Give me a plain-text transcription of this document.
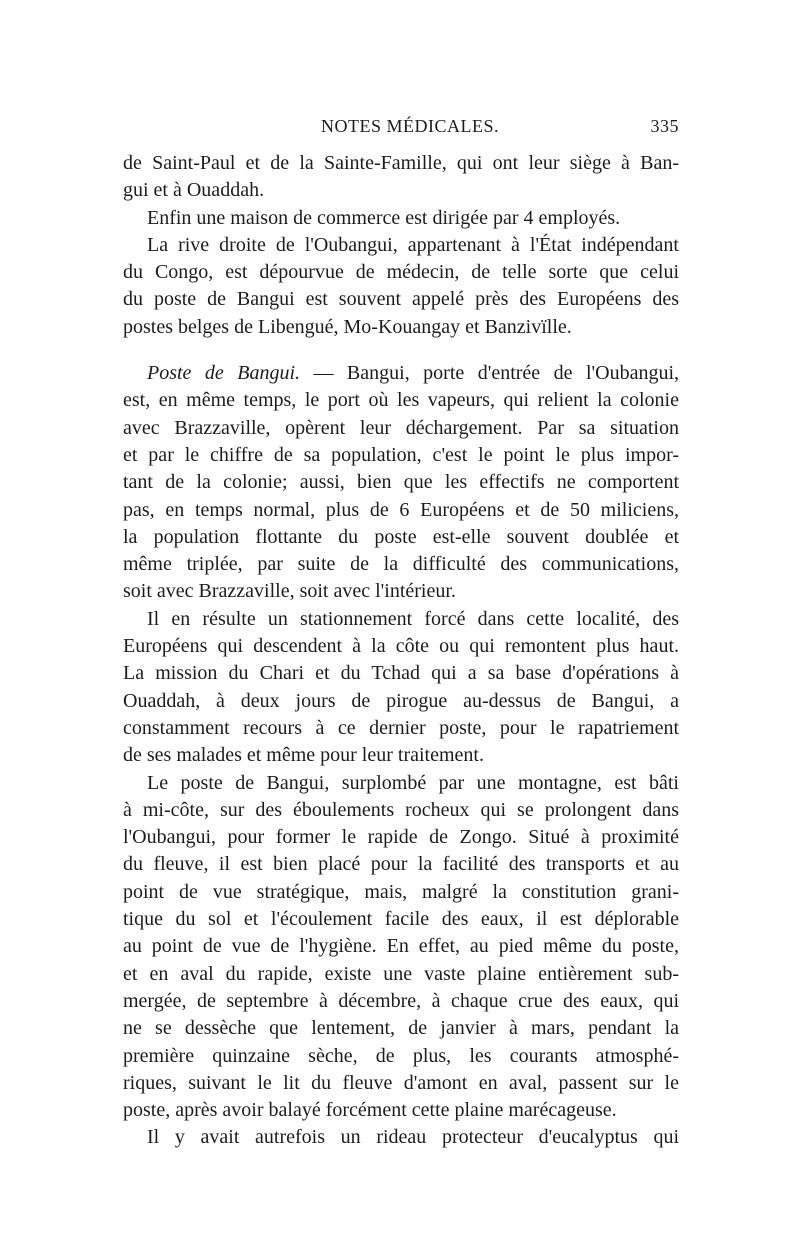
NOTES MÉDICALES.	335
de Saint-Paul et de la Sainte-Famille, qui ont leur siège à Ban-
gui et à Ouaddah.
Enfin une maison de commerce est dirigée par 4 employés.
La rive droite de l'Oubangui, appartenant à l'État indépendant
du Congo, est dépourvue de médecin, de telle sorte que celui
du poste de Bangui est souvent appelé près des Européens des
postes belges de Libengué, Mo-Kouangay et Banzivïlle.
Poste de Bangui. — Bangui, porte d'entrée de l'Oubangui,
est, en même temps, le port où les vapeurs, qui relient la colonie
avec Brazzaville, opèrent leur déchargement. Par sa situation
et par le chiffre de sa population, c'est le point le plus impor-
tant de la colonie; aussi, bien que les effectifs ne comportent
pas, en temps normal, plus de 6 Européens et de 50 miliciens,
la population flottante du poste est-elle souvent doublée et
même triplée, par suite de la difficulté des communications,
soit avec Brazzaville, soit avec l'intérieur.
Il en résulte un stationnement forcé dans cette localité, des
Européens qui descendent à la côte ou qui remontent plus haut.
La mission du Chari et du Tchad qui a sa base d'opérations à
Ouaddah, à deux jours de pirogue au-dessus de Bangui, a
constamment recours à ce dernier poste, pour le rapatriement
de ses malades et même pour leur traitement.
Le poste de Bangui, surplombé par une montagne, est bâti
à mi-côte, sur des éboulements rocheux qui se prolongent dans
l'Oubangui, pour former le rapide de Zongo. Situé à proximité
du fleuve, il est bien placé pour la facilité des transports et au
point de vue stratégique, mais, malgré la constitution grani-
tique du sol et l'écoulement facile des eaux, il est déplorable
au point de vue de l'hygiène. En effet, au pied même du poste,
et en aval du rapide, existe une vaste plaine entièrement sub-
mergée, de septembre à décembre, à chaque crue des eaux, qui
ne se dessèche que lentement, de janvier à mars, pendant la
première quinzaine sèche, de plus, les courants atmosphé-
riques, suivant le lit du fleuve d'amont en aval, passent sur le
poste, après avoir balayé forcément cette plaine marécageuse.
Il y avait autrefois un rideau protecteur d'eucalyptus qui
